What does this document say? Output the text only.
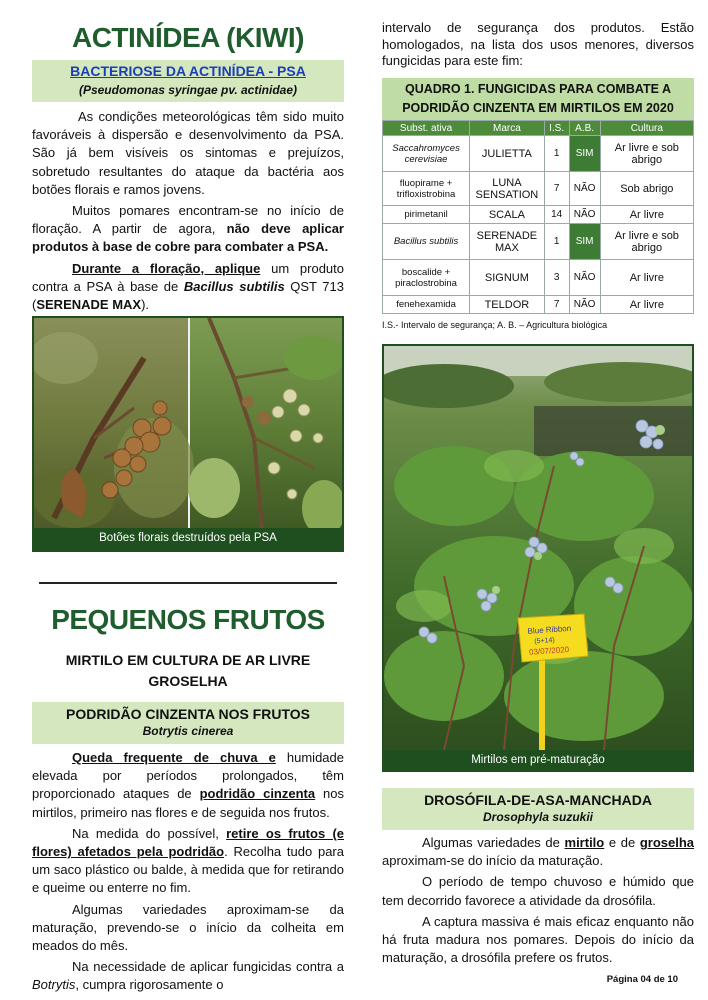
ACTINÍDEA (KIWI)
BACTERIOSE DA ACTINÍDEA - PSA
(Pseudomonas syringae pv. actinidae)

As condições meteorológicas têm sido muito favoráveis à dispersão e desenvolvimento da PSA. São já bem visíveis os sintomas e prejuízos, sobretudo resultantes do ataque da bactéria aos botões florais e ramos jovens.

Muitos pomares encontram-se no início de floração. A partir de agora, não deve aplicar produtos à base de cobre para combater a PSA.

Durante a floração, aplique um produto contra a PSA à base de Bacillus subtilis QST 713 (SERENADE MAX).

Botões florais destruídos pela PSA
PEQUENOS FRUTOS
MIRTILO EM CULTURA DE AR LIVRE
GROSELHA
PODRIDÃO CINZENTA NOS FRUTOS
Botrytis cinerea

Queda frequente de chuva e humidade elevada por períodos prolongados, têm proporcionado ataques de podridão cinzenta nos mirtilos, primeiro nas flores e de seguida nos frutos.

Na medida do possível, retire os frutos (e flores) afetados pela podridão. Recolha tudo para um saco plástico ou balde, à medida que for retirando e queime ou enterre no fim.

Algumas variedades aproximam-se da maturação, prevendo-se o início da colheita em meados do mês.

Na necessidade de aplicar fungicidas contra a Botrytis, cumpra rigorosamente o

intervalo de segurança dos produtos. Estão homologados, na lista dos usos menores, diversos fungicidas para este fim:

QUADRO 1. FUNGICIDAS PARA COMBATE A
PODRIDÃO CINZENTA EM MIRTILOS EM 2020
Subst. ativa	Marca	I.S.	A.B.	Cultura
Saccahromyces cerevisiae	JULIETTA	1	SIM	Ar livre e sob abrigo
fluopirame + trifloxistrobina	LUNA SENSATION	7	NÃO	Sob abrigo
pirimetanil	SCALA	14	NÃO	Ar livre
Bacillus subtilis	SERENADE MAX	1	SIM	Ar livre e sob abrigo
boscalide + piraclostrobina	SIGNUM	3	NÃO	Ar livre
fenehexamida	TELDOR	7	NÃO	Ar livre
I.S.- Intervalo de segurança; A. B. – Agricultura biológica
Blue Ribbon
(5+14)
03/07/2020
Mirtilos em pré-maturação
DROSÓFILA-DE-ASA-MANCHADA
Drosophyla suzukii

Algumas variedades de mirtilo e de groselha aproximam-se do início da maturação.

O período de tempo chuvoso e húmido que tem decorrido favorece a atividade da drosófila.

A captura massiva é mais eficaz enquanto não há fruta madura nos pomares. Depois do início da maturação, a drosófila prefere os frutos.

Página 04 de 10
